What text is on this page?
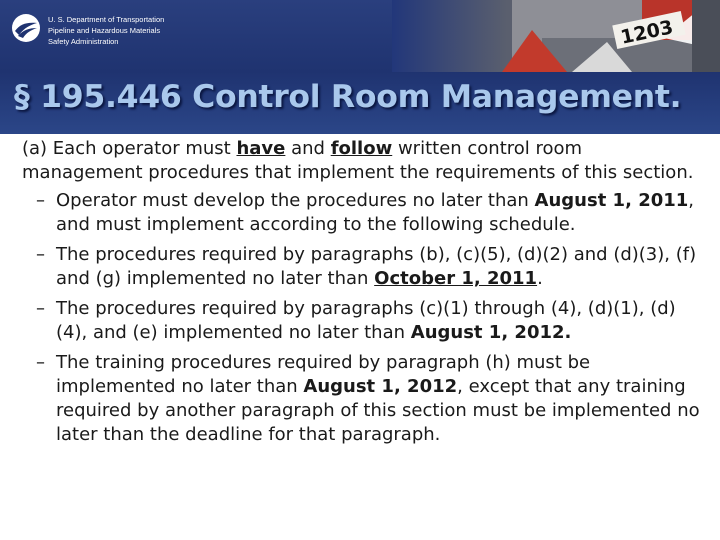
U. S. Department of Transportation
Pipeline and Hazardous Materials
Safety Administration
§ 195.446 Control Room Management.

(a) Each operator must have and follow written control room management procedures that implement the requirements of this section.

– Operator must develop the procedures no later than August 1, 2011, and must implement according to the following schedule.

– The procedures required by paragraphs (b), (c)(5), (d)(2) and (d)(3), (f) and (g) implemented no later than October 1, 2011.

– The procedures required by paragraphs (c)(1) through (4), (d)(1), (d)(4), and (e) implemented no later than August 1, 2012.

– The training procedures required by paragraph (h) must be implemented no later than August 1, 2012, except that any training required by another paragraph of this section must be implemented no later than the deadline for that paragraph.
